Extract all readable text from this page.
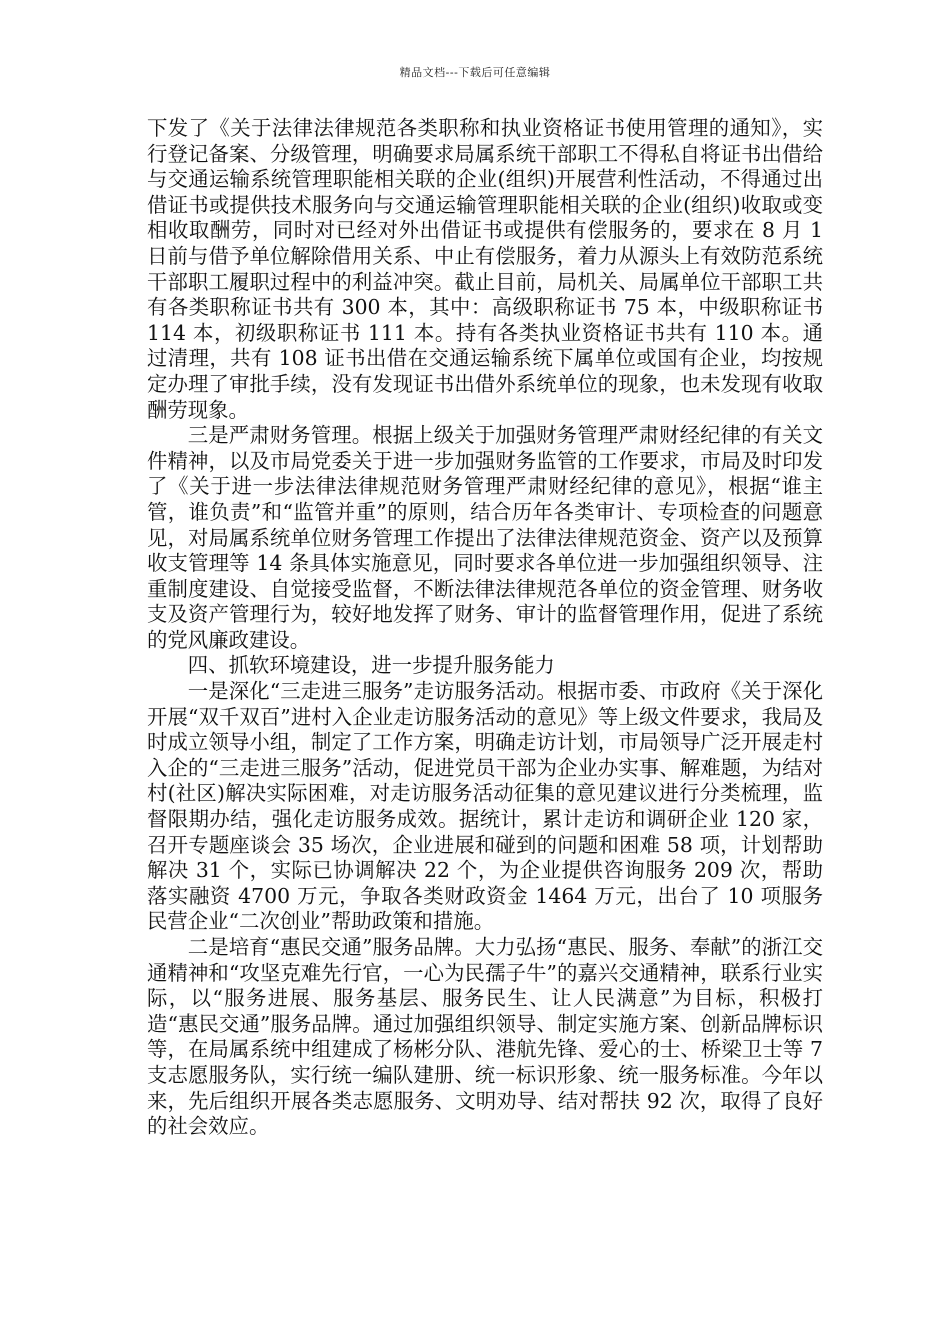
精品文档---下载后可任意编辑

下发了《关于法律法律规范各类职称和执业资格证书使用管理的通知》，实行登记备案、分级管理，明确要求局属系统干部职工不得私自将证书出借给与交通运输系统管理职能相关联的企业(组织)开展营利性活动，不得通过出借证书或提供技术服务向与交通运输管理职能相关联的企业(组织)收取或变相收取酬劳，同时对已经对外出借证书或提供有偿服务的，要求在 8 月 1 日前与借予单位解除借用关系、中止有偿服务，着力从源头上有效防范系统干部职工履职过程中的利益冲突。截止目前，局机关、局属单位干部职工共有各类职称证书共有 300 本，其中：高级职称证书 75 本，中级职称证书 114 本，初级职称证书 111 本。持有各类执业资格证书共有 110 本。通过清理，共有 108 证书出借在交通运输系统下属单位或国有企业，均按规定办理了审批手续，没有发现证书出借外系统单位的现象，也未发现有收取酬劳现象。

三是严肃财务管理。根据上级关于加强财务管理严肃财经纪律的有关文件精神，以及市局党委关于进一步加强财务监管的工作要求，市局及时印发了《关于进一步法律法律规范财务管理严肃财经纪律的意见》，根据“谁主管，谁负责”和“监管并重”的原则，结合历年各类审计、专项检查的问题意见，对局属系统单位财务管理工作提出了法律法律规范资金、资产以及预算收支管理等 14 条具体实施意见，同时要求各单位进一步加强组织领导、注重制度建设、自觉接受监督，不断法律法律规范各单位的资金管理、财务收支及资产管理行为，较好地发挥了财务、审计的监督管理作用，促进了系统的党风廉政建设。

四、抓软环境建设，进一步提升服务能力

一是深化“三走进三服务”走访服务活动。根据市委、市政府《关于深化开展“双千双百”进村入企业走访服务活动的意见》等上级文件要求，我局及时成立领导小组，制定了工作方案，明确走访计划，市局领导广泛开展走村入企的“三走进三服务”活动，促进党员干部为企业办实事、解难题，为结对村(社区)解决实际困难，对走访服务活动征集的意见建议进行分类梳理，监督限期办结，强化走访服务成效。据统计，累计走访和调研企业 120 家，召开专题座谈会 35 场次，企业进展和碰到的问题和困难 58 项，计划帮助解决 31 个，实际已协调解决 22 个，为企业提供咨询服务 209 次，帮助落实融资 4700 万元，争取各类财政资金 1464 万元，出台了 10 项服务民营企业“二次创业”帮助政策和措施。

二是培育“惠民交通”服务品牌。大力弘扬“惠民、服务、奉献”的浙江交通精神和“攻坚克难先行官，一心为民孺子牛”的嘉兴交通精神，联系行业实际，以“服务进展、服务基层、服务民生、让人民满意”为目标，积极打造“惠民交通”服务品牌。通过加强组织领导、制定实施方案、创新品牌标识等，在局属系统中组建成了杨彬分队、港航先锋、爱心的士、桥梁卫士等 7 支志愿服务队，实行统一编队建册、统一标识形象、统一服务标准。今年以来，先后组织开展各类志愿服务、文明劝导、结对帮扶 92 次，取得了良好的社会效应。
